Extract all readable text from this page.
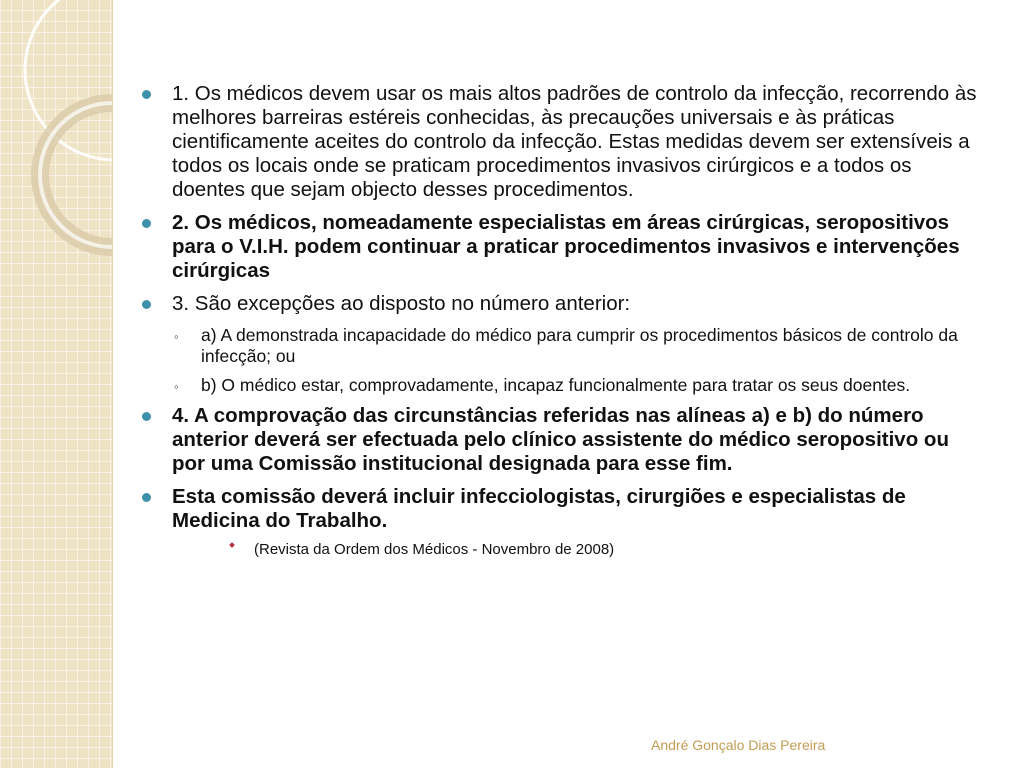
1. Os médicos devem usar os mais altos padrões de controlo da infecção, recorrendo às melhores barreiras estéreis conhecidas, às precauções universais e às práticas cientificamente aceites do controlo da infecção. Estas medidas devem ser extensíveis a todos os locais onde se praticam procedimentos invasivos cirúrgicos e a todos os doentes que sejam objecto desses procedimentos.

2. Os médicos, nomeadamente especialistas em áreas cirúrgicas, seropositivos para o V.I.H. podem continuar a praticar procedimentos invasivos e intervenções cirúrgicas

3. São excepções ao disposto no número anterior:

◦ a) A demonstrada incapacidade do médico para cumprir os procedimentos básicos de controlo da infecção; ou

◦ b) O médico estar, comprovadamente, incapaz funcionalmente para tratar os seus doentes.

4. A comprovação das circunstâncias referidas nas alíneas a) e b) do número anterior deverá ser efectuada pelo clínico assistente do médico seropositivo ou por uma Comissão institucional designada para esse fim.

Esta comissão deverá incluir infecciologistas, cirurgiões e especialistas de Medicina do Trabalho.

(Revista da Ordem dos Médicos - Novembro de 2008)

André Gonçalo Dias Pereira
